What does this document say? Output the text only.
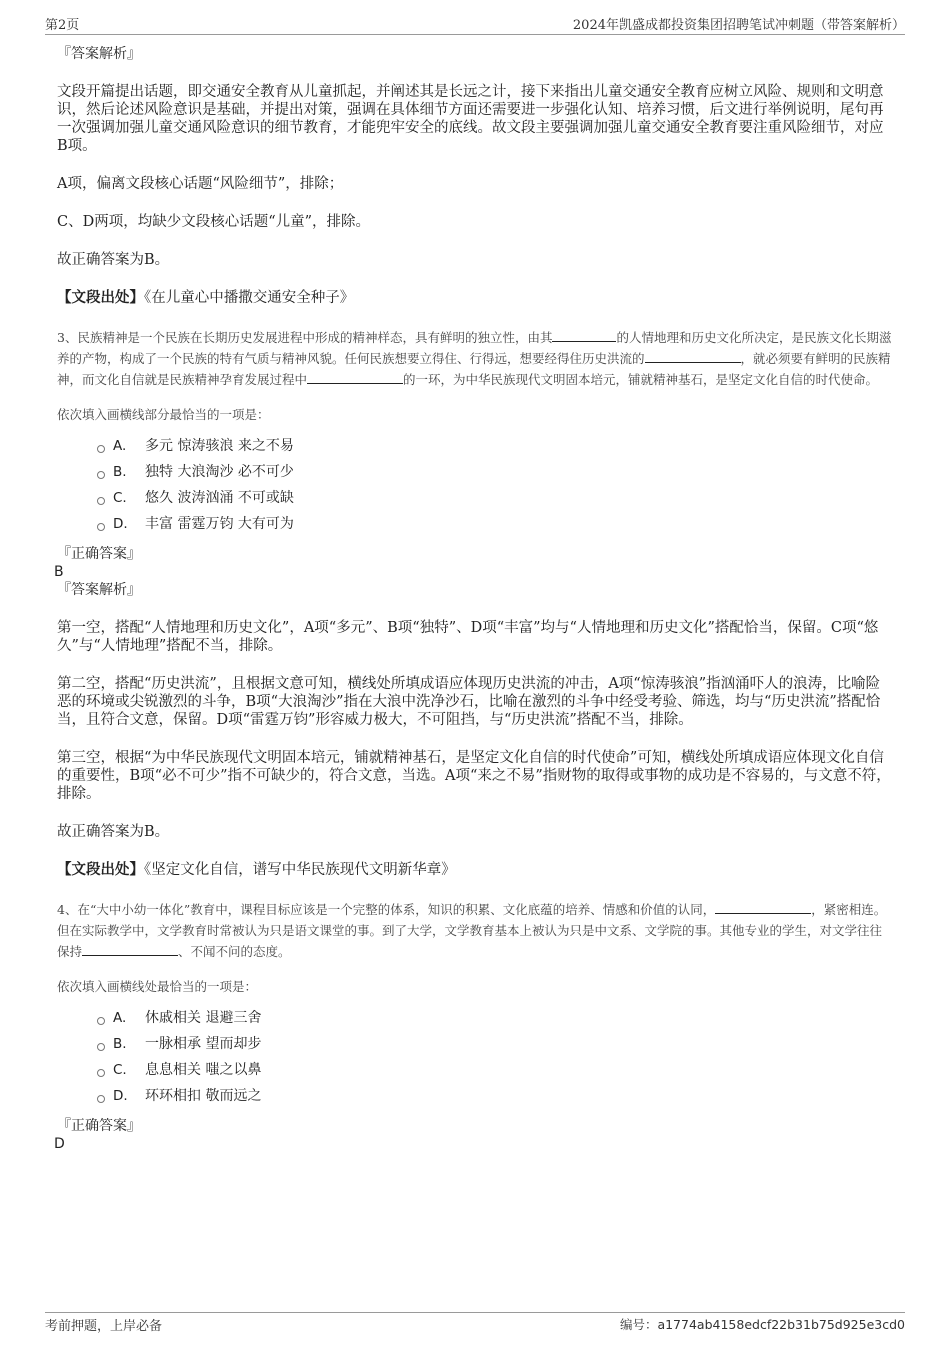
第2页	2024年凯盛成都投资集团招聘笔试冲刺题（带答案解析）

『答案解析』

文段开篇提出话题，即交通安全教育从儿童抓起，并阐述其是长远之计，接下来指出儿童交通安全教育应树立风险、规则和文明意识，然后论述风险意识是基础，并提出对策，强调在具体细节方面还需要进一步强化认知、培养习惯，后文进行举例说明，尾句再一次强调加强儿童交通风险意识的细节教育，才能兜牢安全的底线。故文段主要强调加强儿童交通安全教育要注重风险细节，对应B项。

A项，偏离文段核心话题“风险细节”，排除；

C、D两项，均缺少文段核心话题“儿童”，排除。

故正确答案为B。

【文段出处】《在儿童心中播撒交通安全种子》

3、民族精神是一个民族在长期历史发展进程中形成的精神样态，具有鲜明的独立性，由其	的人情地理和历史文化所决定，是民族文化长期滋养的产物，构成了一个民族的特有气质与精神风貌。任何民族想要立得住、行得远，想要经得住历史洪流的	，就必须要有鲜明的民族精神，而文化自信就是民族精神孕育发展过程中	的一环，为中华民族现代文明固本培元，铺就精神基石，是坚定文化自信的时代使命。

依次填入画横线部分最恰当的一项是：

A.	多元 惊涛骇浪 来之不易
B.	独特 大浪淘沙 必不可少
C.	悠久 波涛汹涌 不可或缺
D.	丰富 雷霆万钧 大有可为

『正确答案』

B

『答案解析』

第一空，搭配“人情地理和历史文化”，A项“多元”、B项“独特”、D项“丰富”均与“人情地理和历史文化”搭配恰当，保留。C项“悠久”与“人情地理”搭配不当，排除。

第二空，搭配“历史洪流”，且根据文意可知，横线处所填成语应体现历史洪流的冲击，A项“惊涛骇浪”指汹涌吓人的浪涛，比喻险恶的环境或尖锐激烈的斗争，B项“大浪淘沙”指在大浪中洗净沙石，比喻在激烈的斗争中经受考验、筛选，均与“历史洪流”搭配恰当，且符合文意，保留。D项“雷霆万钧”形容威力极大，不可阻挡，与“历史洪流”搭配不当，排除。

第三空，根据“为中华民族现代文明固本培元，铺就精神基石，是坚定文化自信的时代使命”可知，横线处所填成语应体现文化自信的重要性，B项“必不可少”指不可缺少的，符合文意，当选。A项“来之不易”指财物的取得或事物的成功是不容易的，与文意不符，排除。

故正确答案为B。

【文段出处】《坚定文化自信，谱写中华民族现代文明新华章》

4、在“大中小幼一体化”教育中，课程目标应该是一个完整的体系，知识的积累、文化底蕴的培养、情感和价值的认同，	，紧密相连。但在实际教学中，文学教育时常被认为只是语文课堂的事。到了大学，文学教育基本上被认为只是中文系、文学院的事。其他专业的学生，对文学往往保持	、不闻不问的态度。

依次填入画横线处最恰当的一项是：

A.	休戚相关 退避三舍
B.	一脉相承 望而却步
C.	息息相关 嗤之以鼻
D.	环环相扣 敬而远之

『正确答案』

D

考前押题，上岸必备	编号：a1774ab4158edcf22b31b75d925e3cd0
